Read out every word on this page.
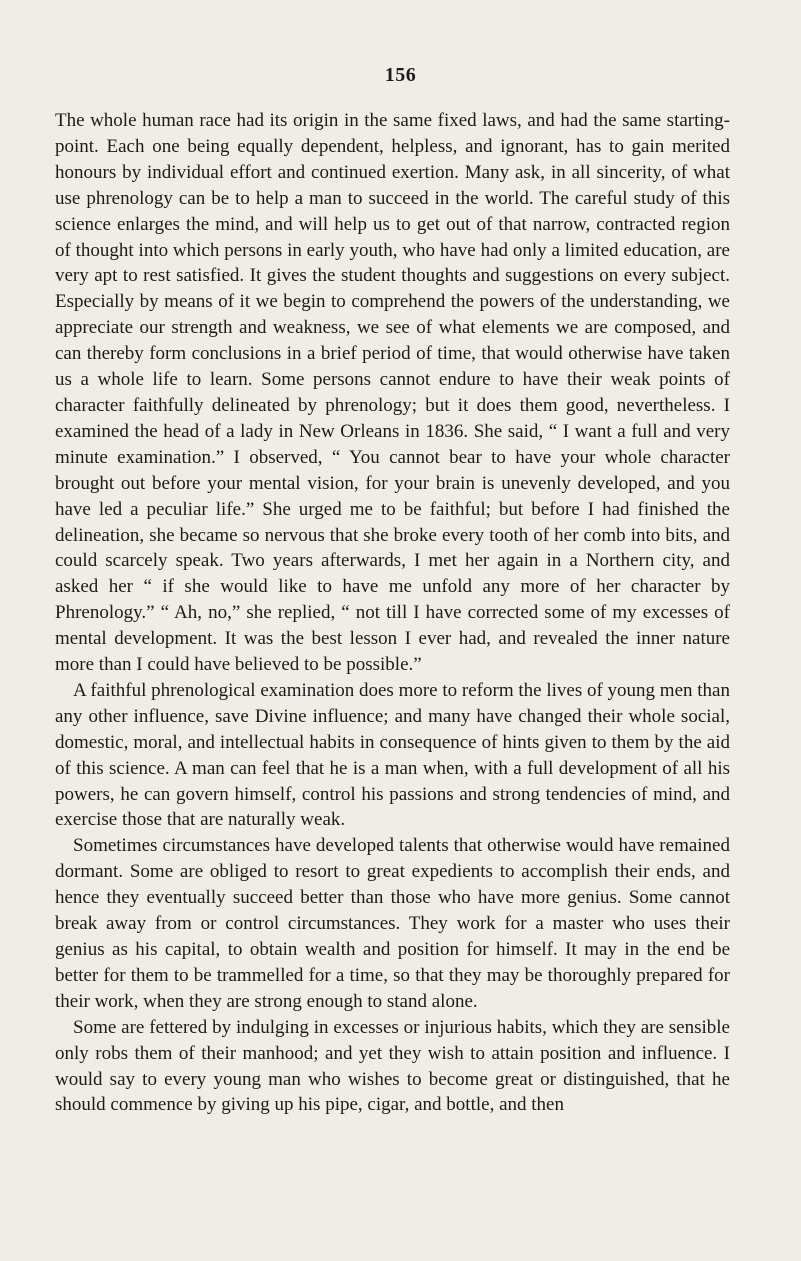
156

The whole human race had its origin in the same fixed laws, and had the same starting-point. Each one being equally dependent, helpless, and ignorant, has to gain merited honours by individual effort and continued exertion. Many ask, in all sincerity, of what use phrenology can be to help a man to succeed in the world. The careful study of this science enlarges the mind, and will help us to get out of that narrow, contracted region of thought into which persons in early youth, who have had only a limited education, are very apt to rest satisfied. It gives the student thoughts and suggestions on every subject. Especially by means of it we begin to comprehend the powers of the understanding, we appreciate our strength and weakness, we see of what elements we are composed, and can thereby form conclusions in a brief period of time, that would otherwise have taken us a whole life to learn. Some persons cannot endure to have their weak points of character faithfully delineated by phrenology; but it does them good, nevertheless. I examined the head of a lady in New Orleans in 1836. She said, “ I want a full and very minute examination.” I observed, “ You cannot bear to have your whole character brought out before your mental vision, for your brain is unevenly developed, and you have led a peculiar life.” She urged me to be faithful; but before I had finished the delineation, she became so nervous that she broke every tooth of her comb into bits, and could scarcely speak. Two years afterwards, I met her again in a Northern city, and asked her “ if she would like to have me unfold any more of her character by Phrenology.” “ Ah, no,” she replied, “ not till I have corrected some of my excesses of mental development. It was the best lesson I ever had, and revealed the inner nature more than I could have believed to be possible.”

A faithful phrenological examination does more to reform the lives of young men than any other influence, save Divine influence; and many have changed their whole social, domestic, moral, and intellectual habits in consequence of hints given to them by the aid of this science. A man can feel that he is a man when, with a full development of all his powers, he can govern himself, control his passions and strong tendencies of mind, and exercise those that are naturally weak.

Sometimes circumstances have developed talents that otherwise would have remained dormant. Some are obliged to resort to great expedients to accomplish their ends, and hence they eventually succeed better than those who have more genius. Some cannot break away from or control circumstances. They work for a master who uses their genius as his capital, to obtain wealth and position for himself. It may in the end be better for them to be trammelled for a time, so that they may be thoroughly prepared for their work, when they are strong enough to stand alone.

Some are fettered by indulging in excesses or injurious habits, which they are sensible only robs them of their manhood; and yet they wish to attain position and influence. I would say to every young man who wishes to become great or distinguished, that he should commence by giving up his pipe, cigar, and bottle, and then
